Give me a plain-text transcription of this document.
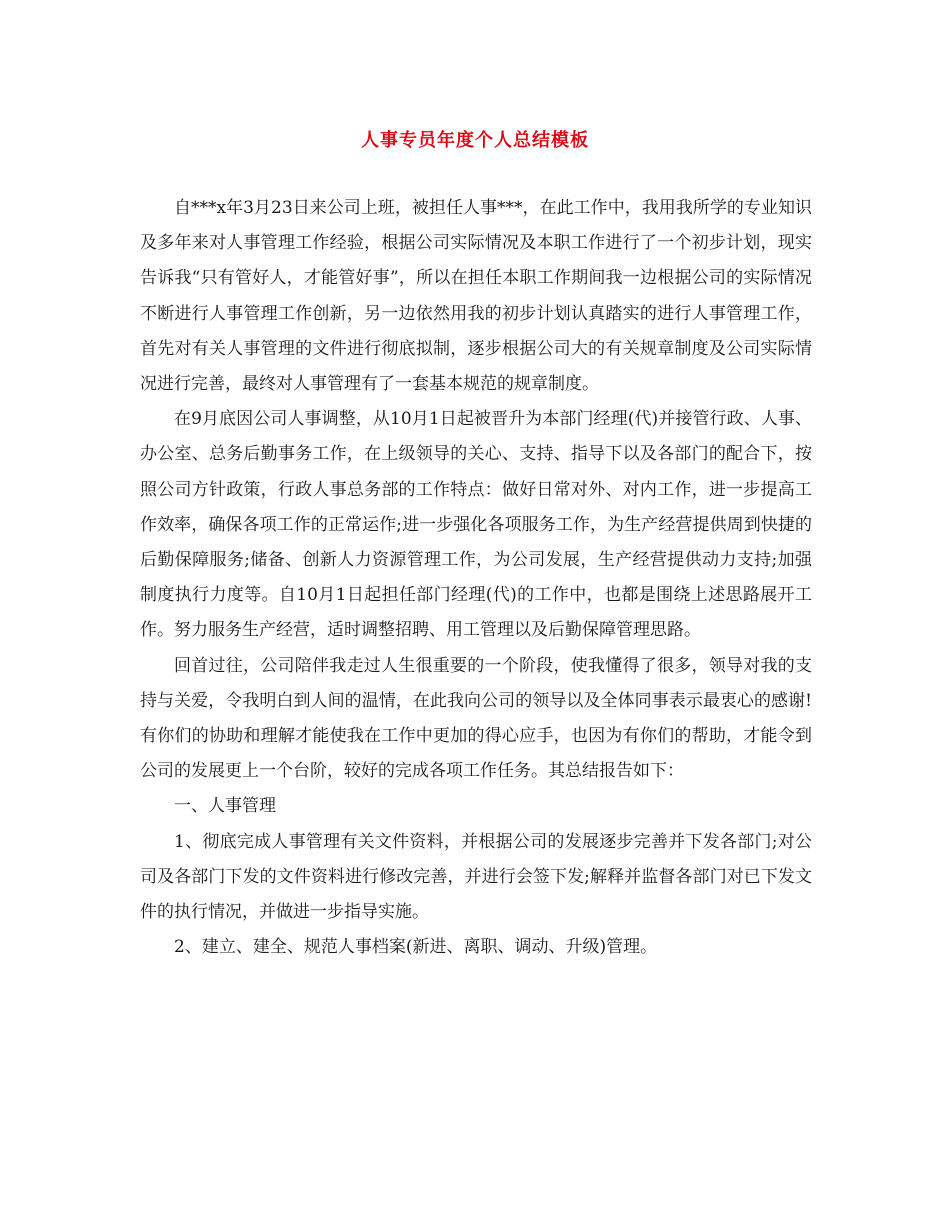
人事专员年度个人总结模板

自***x年3月23日来公司上班，被担任人事***，在此工作中，我用我所学的专业知识及多年来对人事管理工作经验，根据公司实际情况及本职工作进行了一个初步计划，现实告诉我“只有管好人，才能管好事”，所以在担任本职工作期间我一边根据公司的实际情况不断进行人事管理工作创新，另一边依然用我的初步计划认真踏实的进行人事管理工作，首先对有关人事管理的文件进行彻底拟制，逐步根据公司大的有关规章制度及公司实际情况进行完善，最终对人事管理有了一套基本规范的规章制度。

在9月底因公司人事调整，从10月1日起被晋升为本部门经理(代)并接管行政、人事、办公室、总务后勤事务工作，在上级领导的关心、支持、指导下以及各部门的配合下，按照公司方针政策，行政人事总务部的工作特点：做好日常对外、对内工作，进一步提高工作效率，确保各项工作的正常运作;进一步强化各项服务工作，为生产经营提供周到快捷的后勤保障服务;储备、创新人力资源管理工作，为公司发展，生产经营提供动力支持;加强制度执行力度等。自10月1日起担任部门经理(代)的工作中，也都是围绕上述思路展开工作。努力服务生产经营，适时调整招聘、用工管理以及后勤保障管理思路。

回首过往，公司陪伴我走过人生很重要的一个阶段，使我懂得了很多，领导对我的支持与关爱，令我明白到人间的温情，在此我向公司的领导以及全体同事表示最衷心的感谢!有你们的协助和理解才能使我在工作中更加的得心应手，也因为有你们的帮助，才能令到公司的发展更上一个台阶，较好的完成各项工作任务。其总结报告如下：

一、人事管理

1、彻底完成人事管理有关文件资料，并根据公司的发展逐步完善并下发各部门;对公司及各部门下发的文件资料进行修改完善，并进行会签下发;解释并监督各部门对已下发文件的执行情况，并做进一步指导实施。

2、建立、建全、规范人事档案(新进、离职、调动、升级)管理。
